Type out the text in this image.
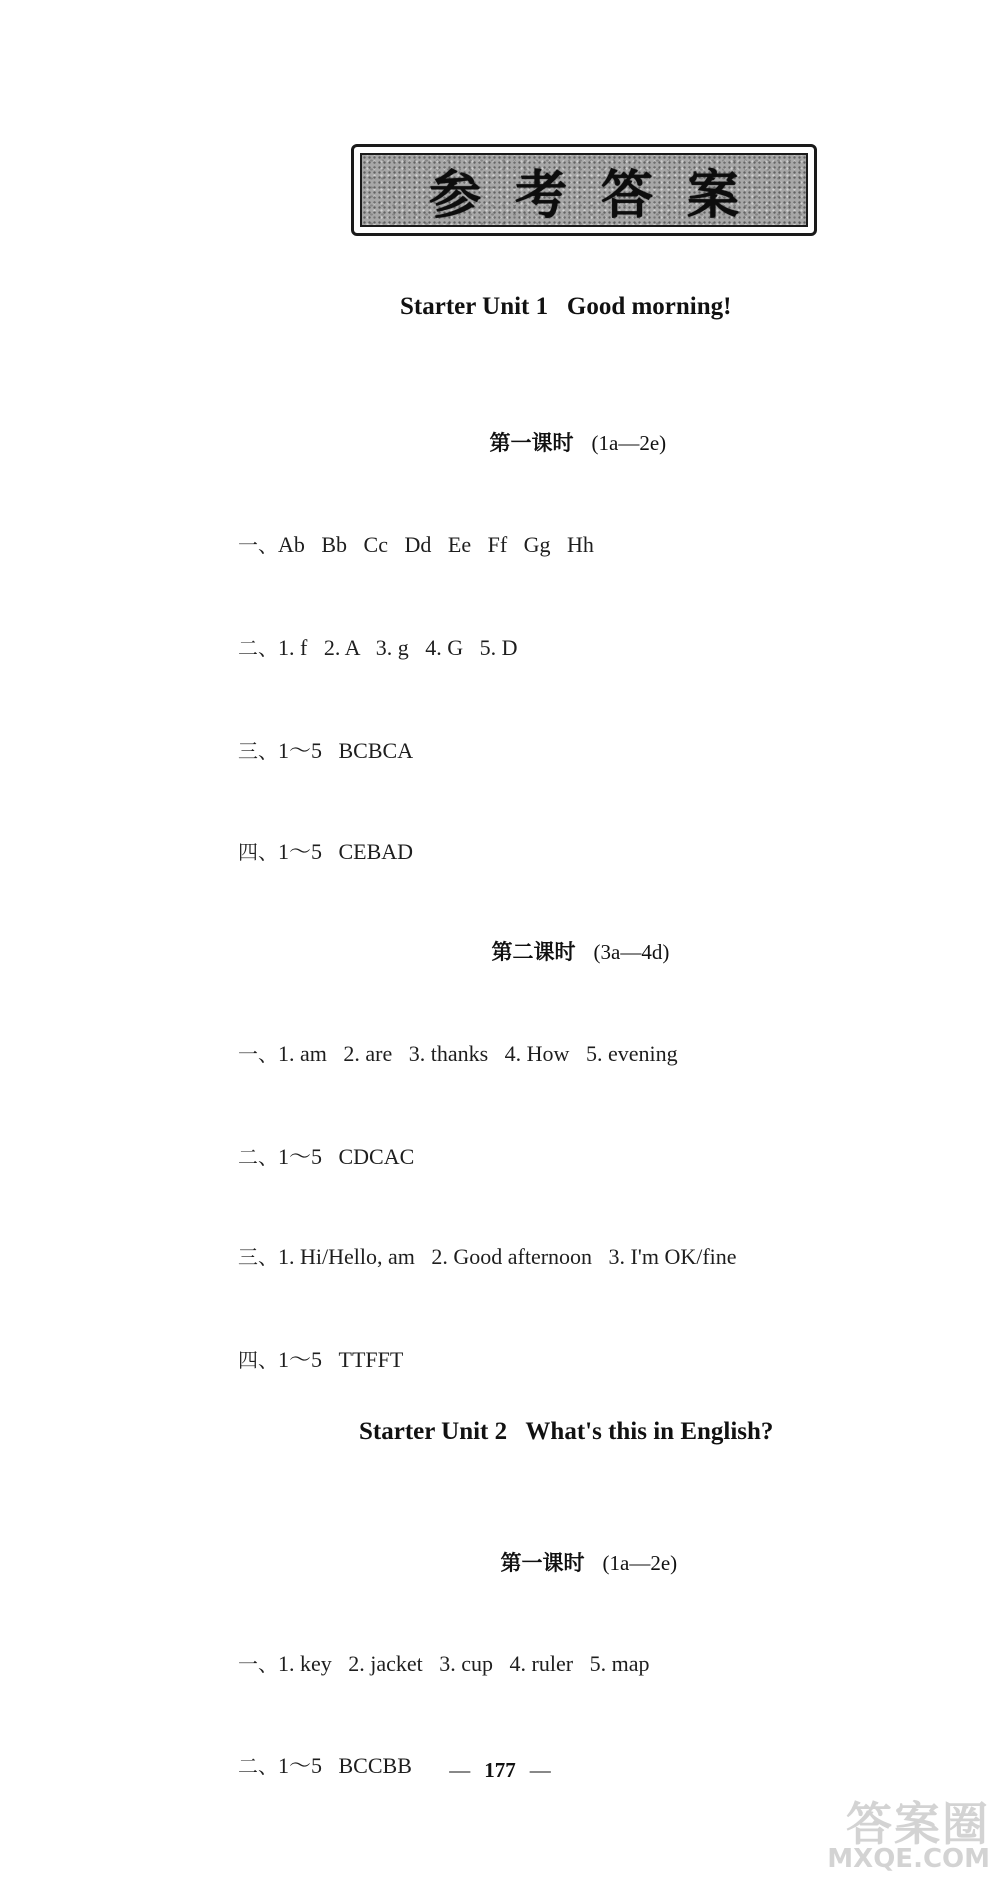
参考答案
Starter Unit 1   Good morning!

第一课时 (1a—2e)

一、Ab   Bb   Cc   Dd   Ee   Ff   Gg   Hh

二、1. f   2. A   3. g   4. G   5. D

三、1～5   BCBCA

四、1～5   CEBAD

第二课时 (3a—4d)

一、1. am   2. are   3. thanks   4. How   5. evening

二、1～5   CDCAC

三、1. Hi/Hello, am   2. Good afternoon   3. I'm OK/fine

四、1～5   TTFFT

Starter Unit 2   What's this in English?

第一课时 (1a—2e)

一、1. key   2. jacket   3. cup   4. ruler   5. map

二、1～5   BCCBB	— 177 —
答案圈
MXQE.COM
